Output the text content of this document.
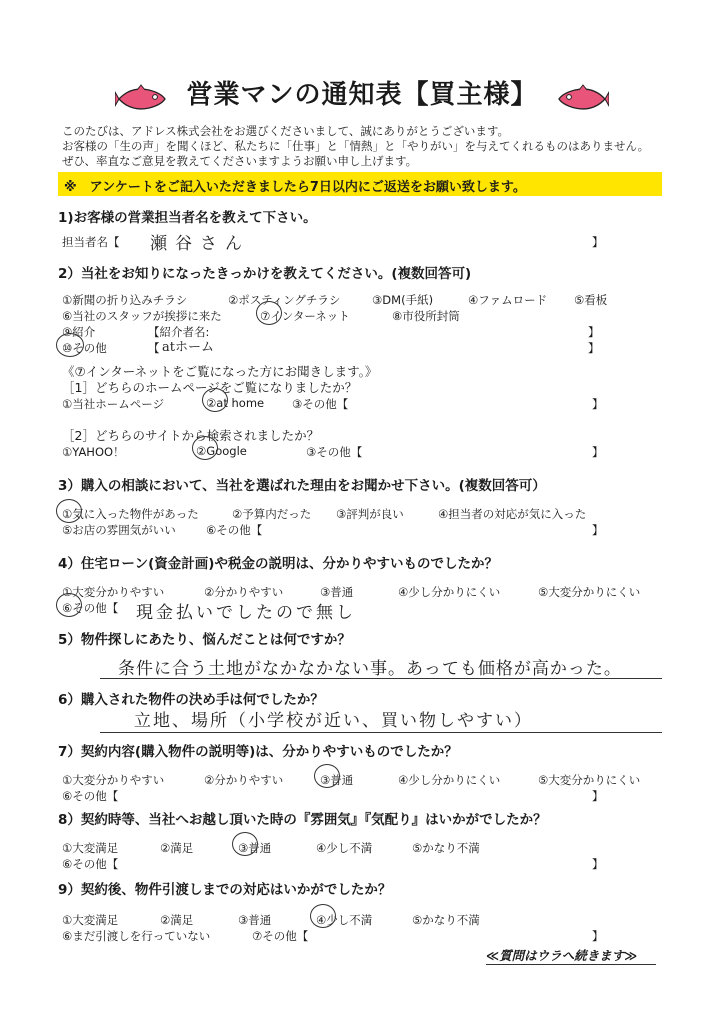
営業マンの通知表【買主様】
このたびは、アドレス株式会社をお選びくださいまして、誠にありがとうございます。
お客様の「生の声」を聞くほど、私たちに「仕事」と「情熱」と「やりがい」を与えてくれるものはありません。
ぜひ、率直なご意見を教えてくださいますようお願い申し上げます。
※　アンケートをご記入いただきましたら7日以内にご返送をお願い致します。
1)お客様の営業担当者名を教えて下さい。
担当者名【 瀬谷さん	】
2）当社をお知りになったきっかけを教えてください。(複数回答可)
①新聞の折り込みチラシ	②ポスティングチラシ	③DM(手紙)	④ファムロード ⑤看板
⑥当社のスタッフが挨拶に来た	⑦インターネット	⑧市役所封筒
⑨紹介	【紹介者名:	】
⑩その他	【 atホーム	】
《⑦インターネットをご覧になった方にお聞きします。》
［1］どちらのホームページをご覧になりましたか？
①当社ホームページ	②at home ③その他【	】
［2］どちらのサイトから検索されましたか？
①YAHOO！	②Google	③その他【	】
3）購入の相談において、当社を選ばれた理由をお聞かせ下さい。(複数回答可）
①気に入った物件があった	②予算内だった ③評判が良い	④担当者の対応が気に入った
⑤お店の雰囲気がいい	⑥その他【	】
4）住宅ローン(資金計画)や税金の説明は、分かりやすいものでしたか？
①大変分かりやすい	②分かりやすい	③普通	④少し分かりにくい	⑤大変分かりにくい
⑥その他【 現金払いでしたので無し
5）物件探しにあたり、悩んだことは何ですか？
条件に合う土地がなかなかない事。あっても価格が高かった。
6）購入された物件の決め手は何でしたか？
立地、場所（小学校が近い、買い物しやすい）
7）契約内容(購入物件の説明等)は、分かりやすいものでしたか？
①大変分かりやすい	②分かりやすい	③普通	④少し分かりにくい	⑤大変分かりにくい
⑥その他【	】
8）契約時等、当社へお越し頂いた時の『雰囲気』『気配り』はいかがでしたか？
①大変満足	②満足	③普通	④少し不満	⑤かなり不満
⑥その他【	】
9）契約後、物件引渡しまでの対応はいかがでしたか？
①大変満足	②満足	③普通	④少し不満	⑤かなり不満
⑥まだ引渡しを行っていない	⑦その他【	】
≪質問はウラへ続きます≫
